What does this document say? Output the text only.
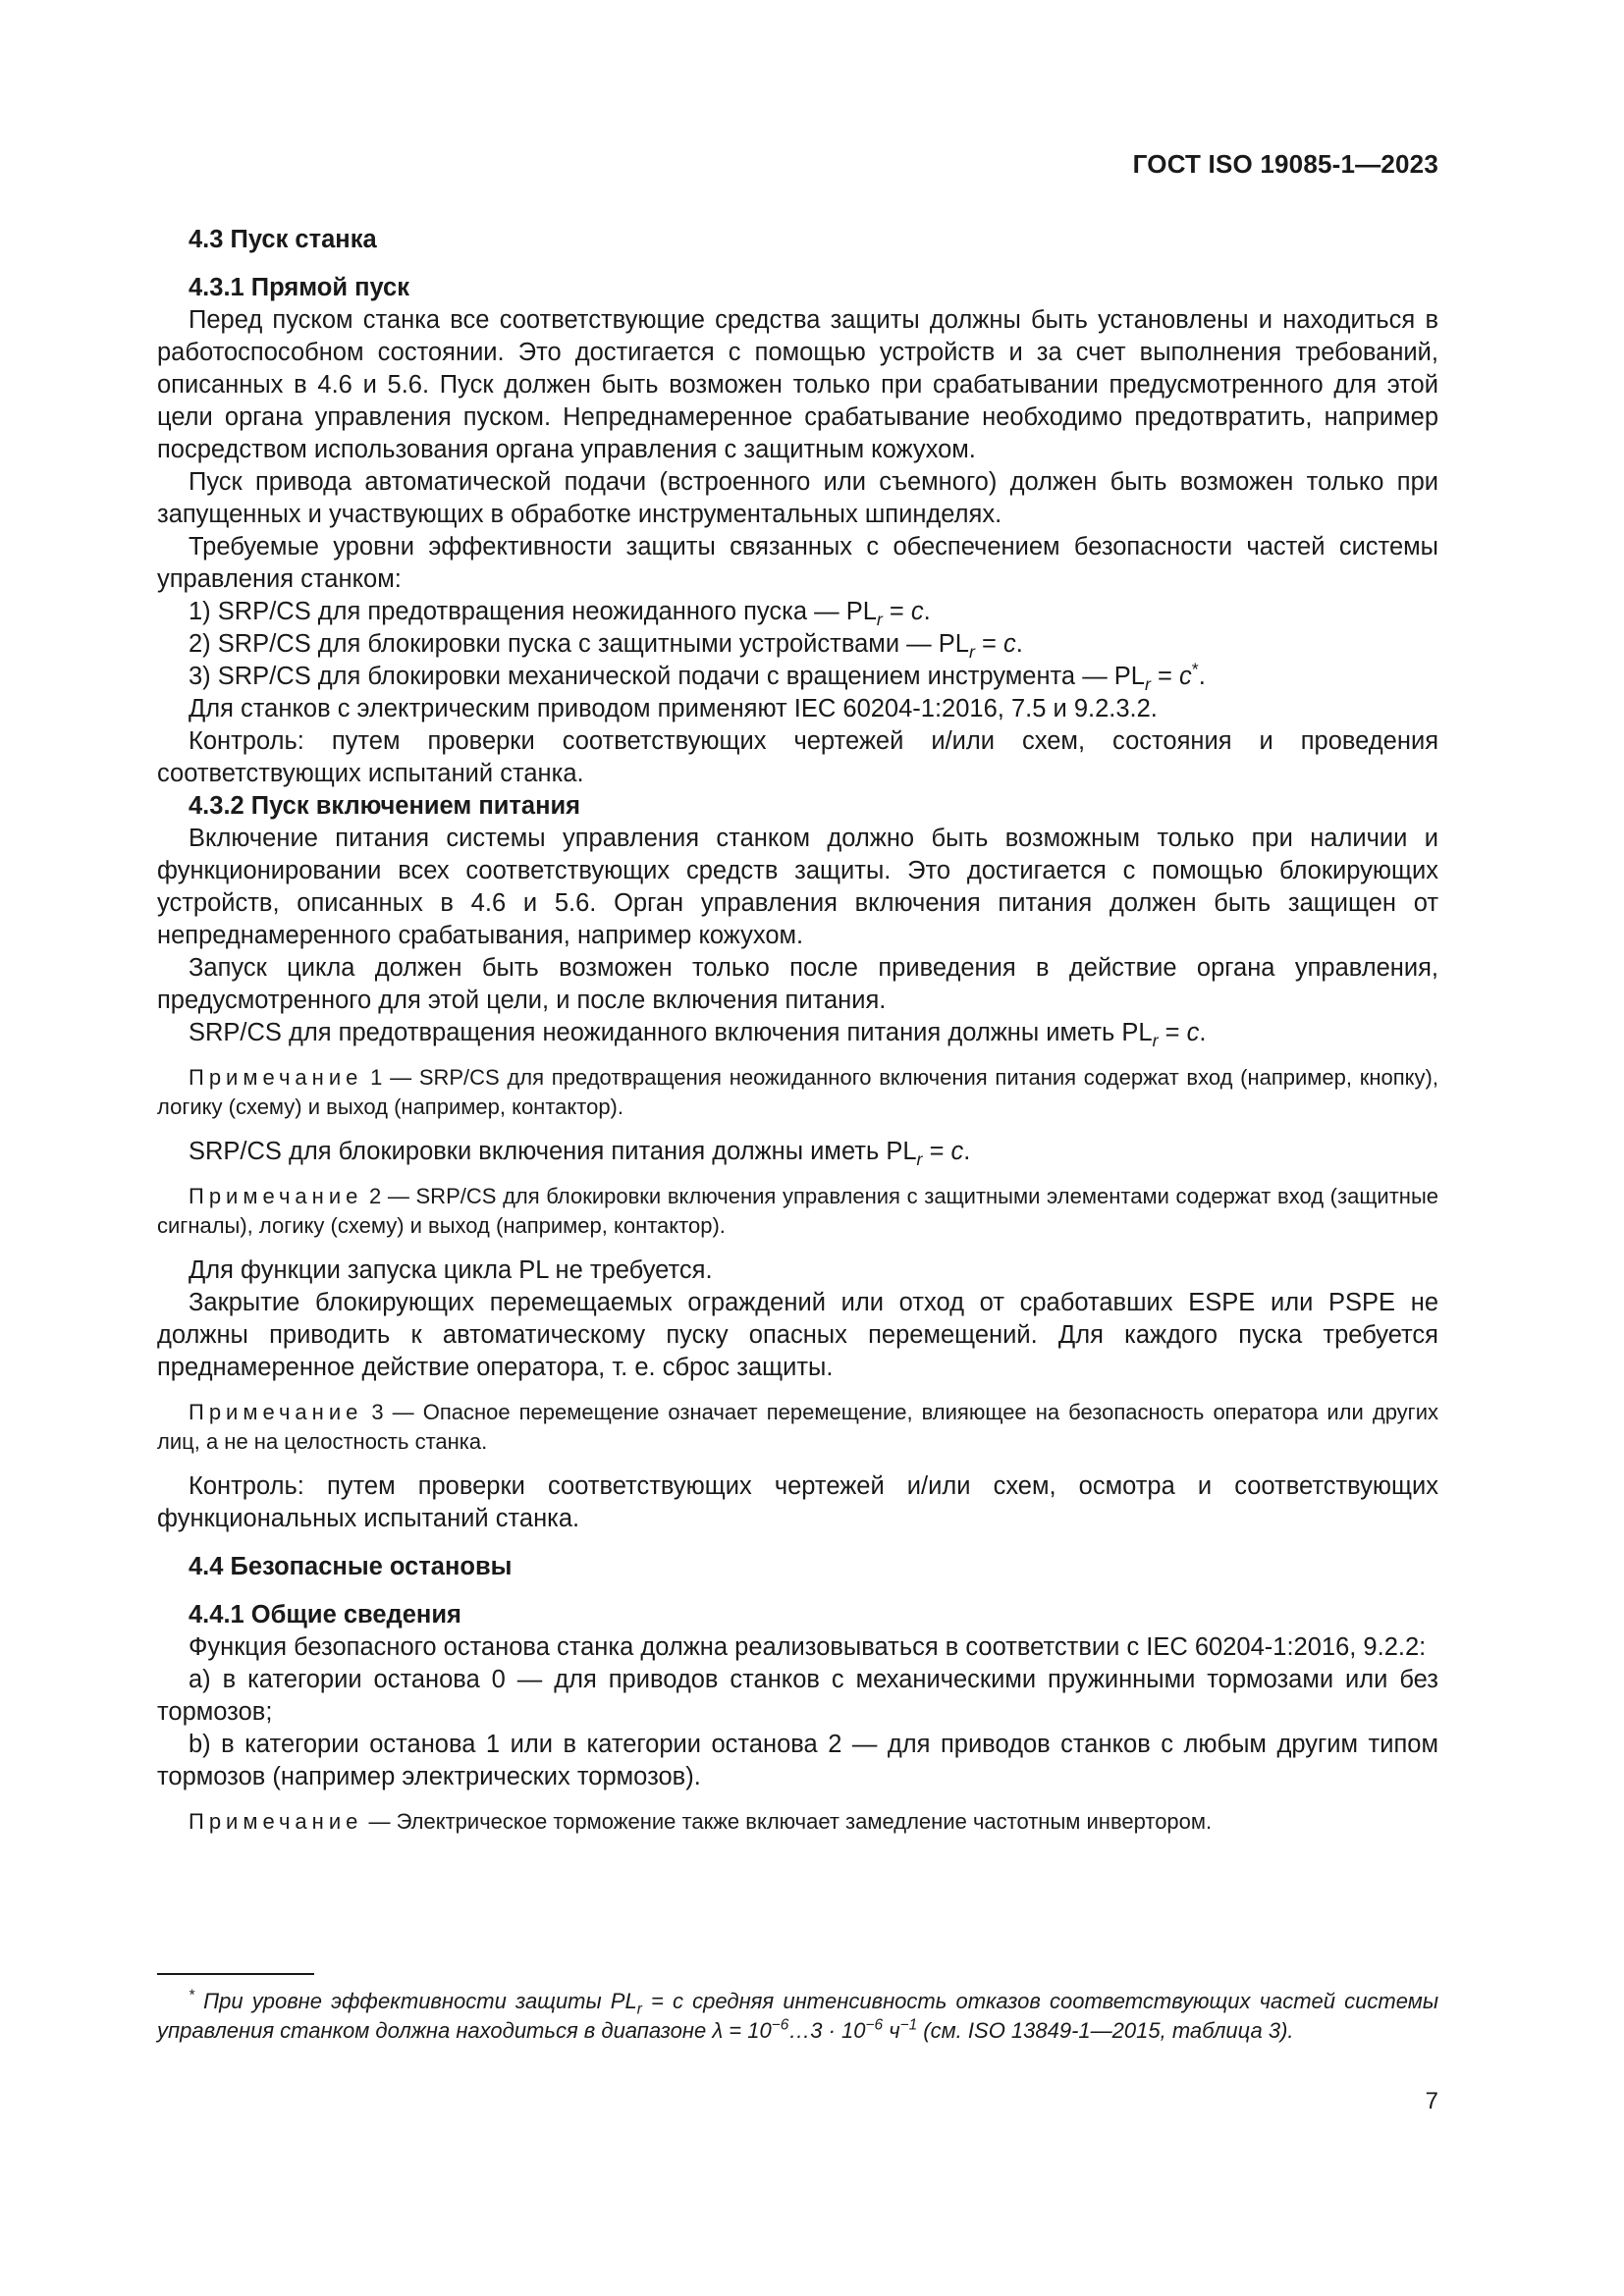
ГОСТ ISO 19085-1—2023
4.3 Пуск станка
4.3.1 Прямой пуск

Перед пуском станка все соответствующие средства защиты должны быть установлены и находиться в работоспособном состоянии. Это достигается с помощью устройств и за счет выполнения требований, описанных в 4.6 и 5.6. Пуск должен быть возможен только при срабатывании предусмотренного для этой цели органа управления пуском. Непреднамеренное срабатывание необходимо предотвратить, например посредством использования органа управления с защитным кожухом.

Пуск привода автоматической подачи (встроенного или съемного) должен быть возможен только при запущенных и участвующих в обработке инструментальных шпинделях.

Требуемые уровни эффективности защиты связанных с обеспечением безопасности частей системы управления станком:

1) SRP/CS для предотвращения неожиданного пуска — $PL_r = c$.

2) SRP/CS для блокировки пуска с защитными устройствами — $PL_r = c$.

3) SRP/CS для блокировки механической подачи с вращением инструмента — $PL_r = c^*$.

Для станков с электрическим приводом применяют IEC 60204-1:2016, 7.5 и 9.2.3.2.

Контроль: путем проверки соответствующих чертежей и/или схем, состояния и проведения соответствующих испытаний станка.

4.3.2 Пуск включением питания

Включение питания системы управления станком должно быть возможным только при наличии и функционировании всех соответствующих средств защиты. Это достигается с помощью блокирующих устройств, описанных в 4.6 и 5.6. Орган управления включения питания должен быть защищен от непреднамеренного срабатывания, например кожухом.

Запуск цикла должен быть возможен только после приведения в действие органа управления, предусмотренного для этой цели, и после включения питания.

SRP/CS для предотвращения неожиданного включения питания должны иметь $PL_r = c$.

Примечание 1 — SRP/CS для предотвращения неожиданного включения питания содержат вход (например, кнопку), логику (схему) и выход (например, контактор).

SRP/CS для блокировки включения питания должны иметь $PL_r = c$.

Примечание 2 — SRP/CS для блокировки включения управления с защитными элементами содержат вход (защитные сигналы), логику (схему) и выход (например, контактор).

Для функции запуска цикла PL не требуется.

Закрытие блокирующих перемещаемых ограждений или отход от сработавших ESPE или PSPE не должны приводить к автоматическому пуску опасных перемещений. Для каждого пуска требуется преднамеренное действие оператора, т. е. сброс защиты.

Примечание 3 — Опасное перемещение означает перемещение, влияющее на безопасность оператора или других лиц, а не на целостность станка.

Контроль: путем проверки соответствующих чертежей и/или схем, осмотра и соответствующих функциональных испытаний станка.

4.4 Безопасные остановы
4.4.1 Общие сведения

Функция безопасного останова станка должна реализовываться в соответствии с IEC 60204-1:2016, 9.2.2:

a) в категории останова 0 — для приводов станков с механическими пружинными тормозами или без тормозов;

b) в категории останова 1 или в категории останова 2 — для приводов станков с любым другим типом тормозов (например электрических тормозов).

Примечание — Электрическое торможение также включает замедление частотным инвертором.

* При уровне эффективности защиты $PL_r = c$ средняя интенсивность отказов соответствующих частей системы управления станком должна находиться в диапазоне $\lambda = 10^{-6}\dots 3 \cdot 10^{-6}$ $ч^{-1}$ (см. ISO 13849-1—2015, таблица 3).
7
